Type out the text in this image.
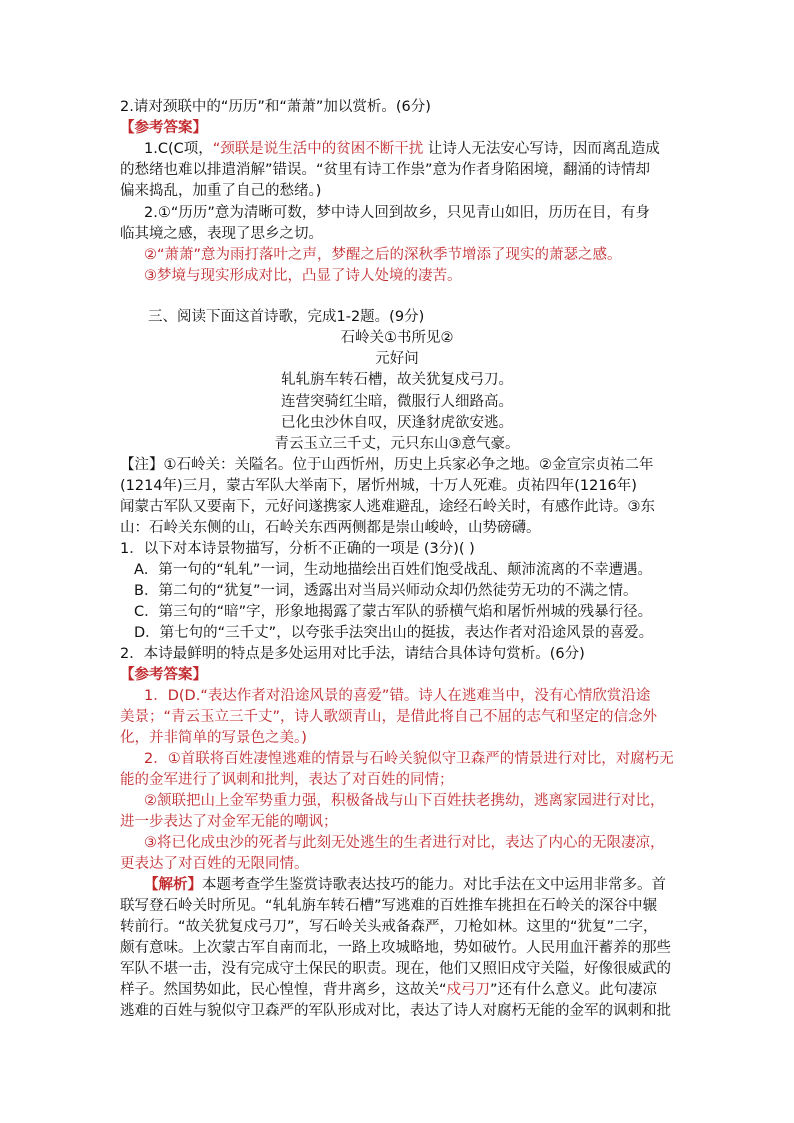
2.请对颈联中的“历历”和“萧萧”加以赏析。(6分)
【参考答案】
1.C(C项，“颈联是说生活中的贫困不断干扰 让诗人无法安心写诗，因而离乱造成
的愁绪也难以排遣消解”错误。“贫里有诗工作祟”意为作者身陷困境，翻涌的诗情却
偏来捣乱，加重了自己的愁绪。)
2.①“历历”意为清晰可数，梦中诗人回到故乡，只见青山如旧，历历在目，有身
临其境之感，表现了思乡之切。
②“萧萧”意为雨打落叶之声，梦醒之后的深秋季节增添了现实的萧瑟之感。
③梦境与现实形成对比，凸显了诗人处境的凄苦。
三、阅读下面这首诗歌，完成1-2题。(9分)
石岭关①书所见②
元好问
轧轧旃车转石槽，故关犹复戍弓刀。
连营突骑红尘暗，微服行人细路高。
已化虫沙休自叹，厌逢豺虎欲安逃。
青云玉立三千丈，元只东山③意气豪。
【注】①石岭关：关隘名。位于山西忻州，历史上兵家必争之地。②金宣宗贞祐二年
(1214年)三月，蒙古军队大举南下，屠忻州城，十万人死难。贞祐四年(1216年)
闻蒙古军队又要南下，元好问遂携家人逃难避乱，途经石岭关时，有感作此诗。③东
山：石岭关东侧的山，石岭关东西两侧都是崇山峻岭，山势磅礴。
1．以下对本诗景物描写，分析不正确的一项是 (3分)( )
A．第一句的“轧轧”一词，生动地描绘出百姓们饱受战乱、颠沛流离的不幸遭遇。
B．第二句的“犹复”一词，透露出对当局兴师动众却仍然徒劳无功的不满之情。
C．第三句的“暗”字，形象地揭露了蒙古军队的骄横气焰和屠忻州城的残暴行径。
D．第七句的“三千丈”，以夸张手法突出山的挺拔，表达作者对沿途风景的喜爱。
2．本诗最鲜明的特点是多处运用对比手法，请结合具体诗句赏析。(6分)
【参考答案】
1．D(D.“表达作者对沿途风景的喜爱”错。诗人在逃难当中，没有心情欣赏沿途
美景；“青云玉立三千丈”，诗人歌颂青山，是借此将自己不屈的志气和坚定的信念外
化，并非简单的写景色之美。)
2．①首联将百姓凄惶逃难的情景与石岭关貌似守卫森严的情景进行对比，对腐朽无
能的金军进行了讽刺和批判，表达了对百姓的同情；
②颔联把山上金军势重力强，积极备战与山下百姓扶老携幼，逃离家园进行对比，
进一步表达了对金军无能的嘲讽；
③将已化成虫沙的死者与此刻无处逃生的生者进行对比，表达了内心的无限凄凉，
更表达了对百姓的无限同情。
【解析】本题考查学生鉴赏诗歌表达技巧的能力。对比手法在文中运用非常多。首
联写登石岭关时所见。“轧轧旃车转石槽”写逃难的百姓推车挑担在石岭关的深谷中辗
转前行。“故关犹复戍弓刀”，写石岭关头戒备森严，刀枪如林。这里的“犹复”二字，
颇有意味。上次蒙古军自南而北，一路上攻城略地，势如破竹。人民用血汗蓄养的那些
军队不堪一击，没有完成守土保民的职责。现在，他们又照旧戍守关隘，好像很威武的
样子。然国势如此，民心惶惶，背井离乡，这故关“戍弓刀”还有什么意义。此句凄凉
逃难的百姓与貌似守卫森严的军队形成对比，表达了诗人对腐朽无能的金军的讽刺和批
